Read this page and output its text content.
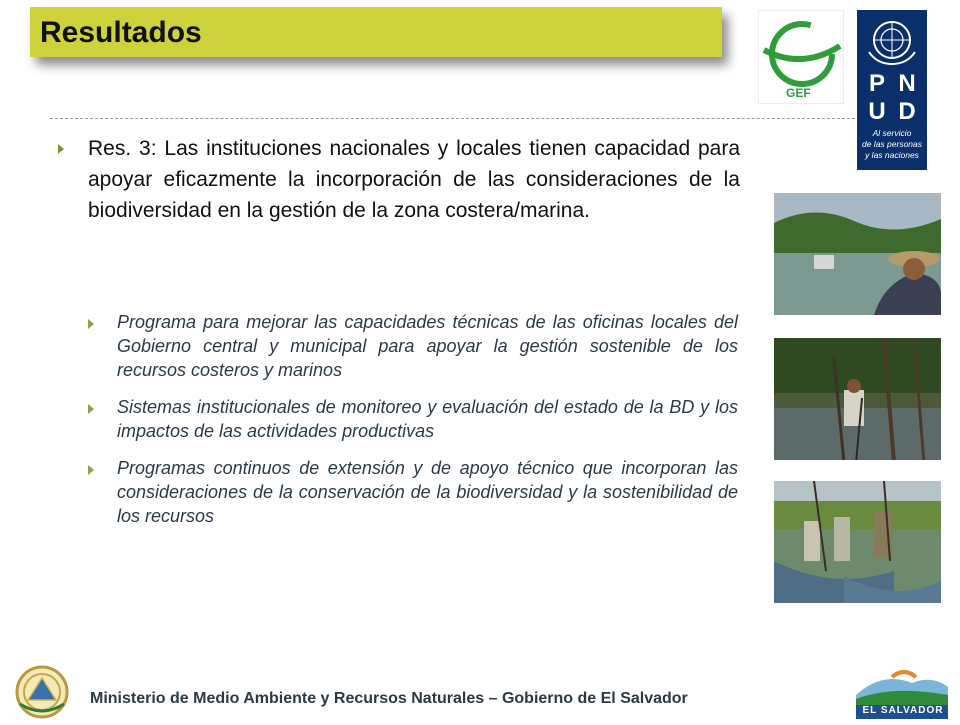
Resultados
GEF P N
U D
Al servicio
de las personas
y las naciones
Res. 3: Las instituciones nacionales y locales tienen capacidad para apoyar eficazmente la incorporación de las consideraciones de la biodiversidad en la gestión de la zona costera/marina.
Programa para mejorar las capacidades técnicas de las oficinas locales del Gobierno central y municipal para apoyar la gestión sostenible de los recursos costeros y marinos
Sistemas institucionales de monitoreo y evaluación del estado de la BD y los impactos de las actividades productivas
Programas continuos de extensión y de apoyo técnico que incorporan las consideraciones de la conservación de la biodiversidad y la sostenibilidad de los recursos
Ministerio de Medio Ambiente y Recursos Naturales – Gobierno de El Salvador
EL SALVADOR
